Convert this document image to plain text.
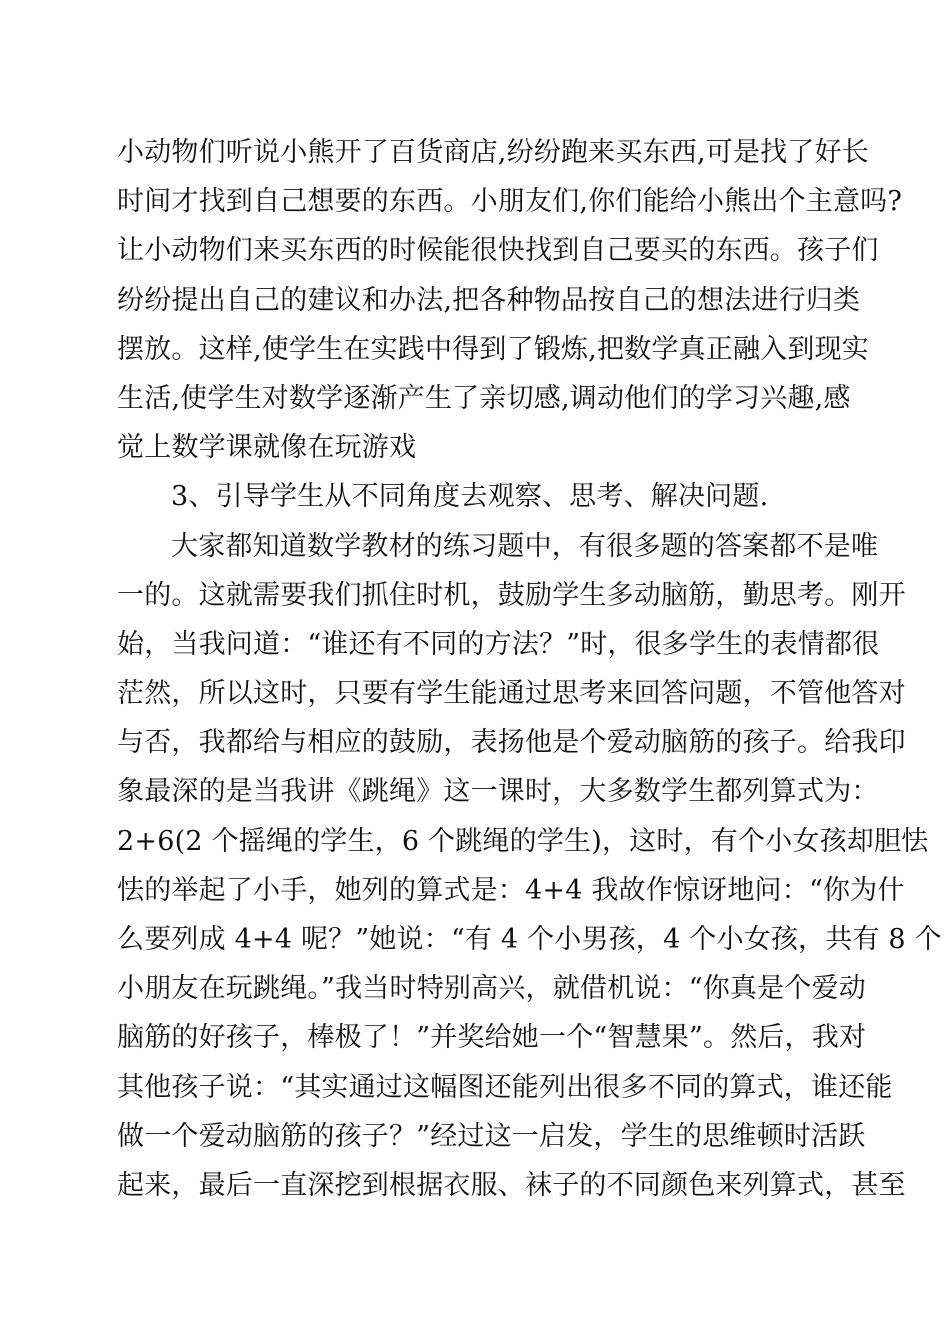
小动物们听说小熊开了百货商店,纷纷跑来买东西,可是找了好长
时间才找到自己想要的东西。小朋友们,你们能给小熊出个主意吗?
让小动物们来买东西的时候能很快找到自己要买的东西。孩子们
纷纷提出自己的建议和办法,把各种物品按自己的想法进行归类
摆放。这样,使学生在实践中得到了锻炼,把数学真正融入到现实
生活,使学生对数学逐渐产生了亲切感,调动他们的学习兴趣,感
觉上数学课就像在玩游戏
3、引导学生从不同角度去观察、思考、解决问题.
大家都知道数学教材的练习题中，有很多题的答案都不是唯
一的。这就需要我们抓住时机，鼓励学生多动脑筋，勤思考。刚开
始，当我问道：“谁还有不同的方法？”时，很多学生的表情都很
茫然，所以这时，只要有学生能通过思考来回答问题，不管他答对
与否，我都给与相应的鼓励，表扬他是个爱动脑筋的孩子。给我印
象最深的是当我讲《跳绳》这一课时，大多数学生都列算式为：
2+6(2 个摇绳的学生，6 个跳绳的学生)，这时，有个小女孩却胆怯
怯的举起了小手，她列的算式是：4+4 我故作惊讶地问：“你为什
么要列成 4+4 呢？”她说：“有 4 个小男孩，4 个小女孩，共有 8 个
小朋友在玩跳绳。”我当时特别高兴，就借机说：“你真是个爱动
脑筋的好孩子，棒极了！”并奖给她一个“智慧果”。然后，我对
其他孩子说：“其实通过这幅图还能列出很多不同的算式，谁还能
做一个爱动脑筋的孩子？”经过这一启发，学生的思维顿时活跃
起来，最后一直深挖到根据衣服、袜子的不同颜色来列算式，甚至
